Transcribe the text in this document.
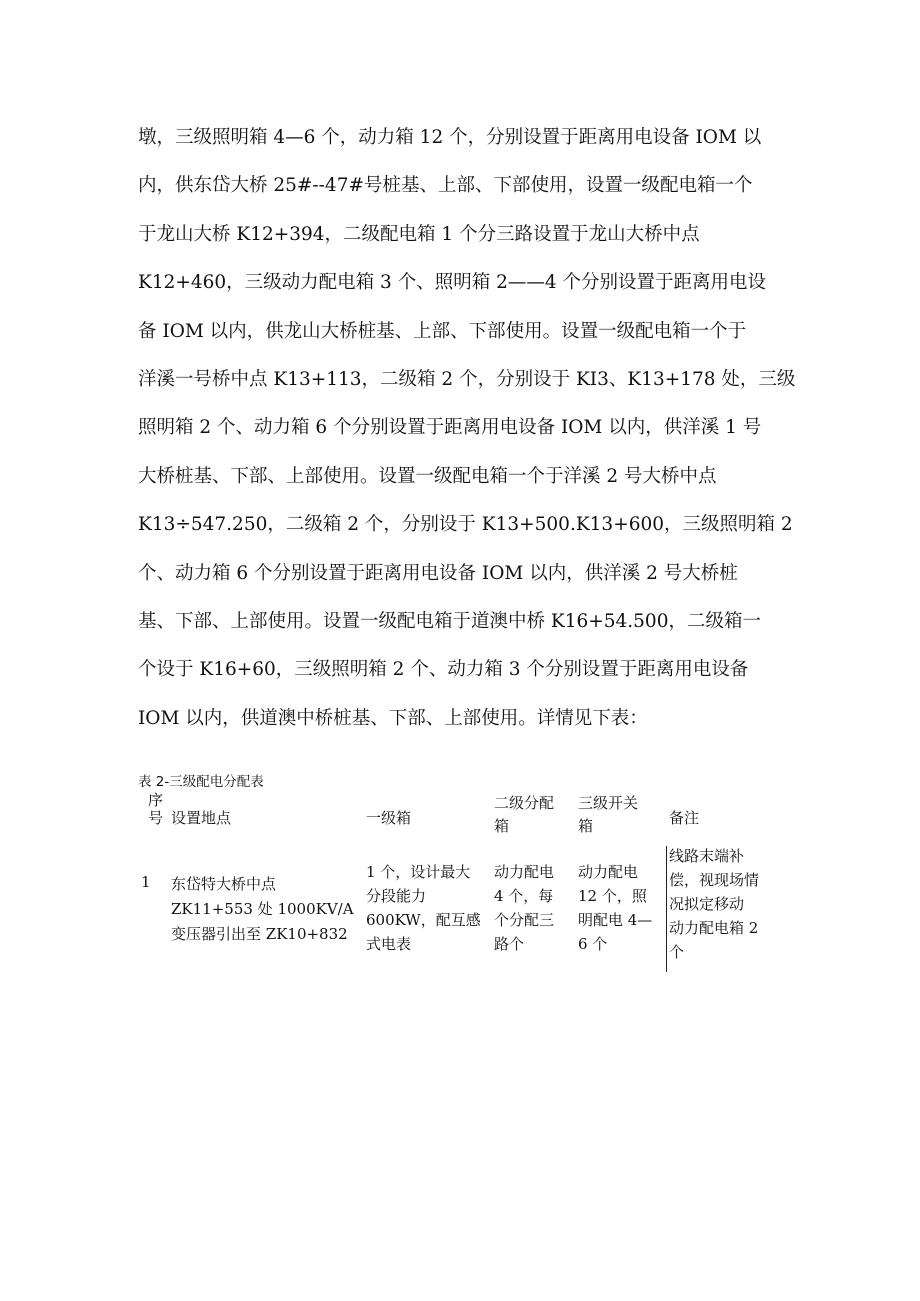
墩，三级照明箱 4—6 个，动力箱 12 个，分别设置于距离用电设备 IOM 以
内，供东岱大桥 25#--47#号桩基、上部、下部使用，设置一级配电箱一个
于龙山大桥 K12+394，二级配电箱 1 个分三路设置于龙山大桥中点
K12+460，三级动力配电箱 3 个、照明箱 2——4 个分别设置于距离用电设
备 IOM 以内，供龙山大桥桩基、上部、下部使用。设置一级配电箱一个于
洋溪一号桥中点 K13+113，二级箱 2 个，分别设于 KI3、K13+178 处，三级
照明箱 2 个、动力箱 6 个分别设置于距离用电设备 IOM 以内，供洋溪 1 号
大桥桩基、下部、上部使用。设置一级配电箱一个于洋溪 2 号大桥中点
K13÷547.250，二级箱 2 个，分别设于 K13+500.K13+600，三级照明箱 2
个、动力箱 6 个分别设置于距离用电设备 IOM 以内，供洋溪 2 号大桥桩
基、下部、上部使用。设置一级配电箱于道澳中桥 K16+54.500，二级箱一
个设于 K16+60，三级照明箱 2 个、动力箱 3 个分别设置于距离用电设备
IOM 以内，供道澳中桥桩基、下部、上部使用。详情见下表：
表 2-三级配电分配表
序
号 设置地点	一级箱
二级分配
箱
三级开关
箱	备注
1 东岱特大桥中点
ZK11+553 处 1000KV/A
变压器引出至 ZK10+832
1 个，设计最大
分段能力
600KW，配互感
式电表
动力配电
4 个，每
个分配三
路个
动力配电
12 个，照
明配电 4—
6 个
线路末端补
偿，视现场情
况拟定移动
动力配电箱 2
个
